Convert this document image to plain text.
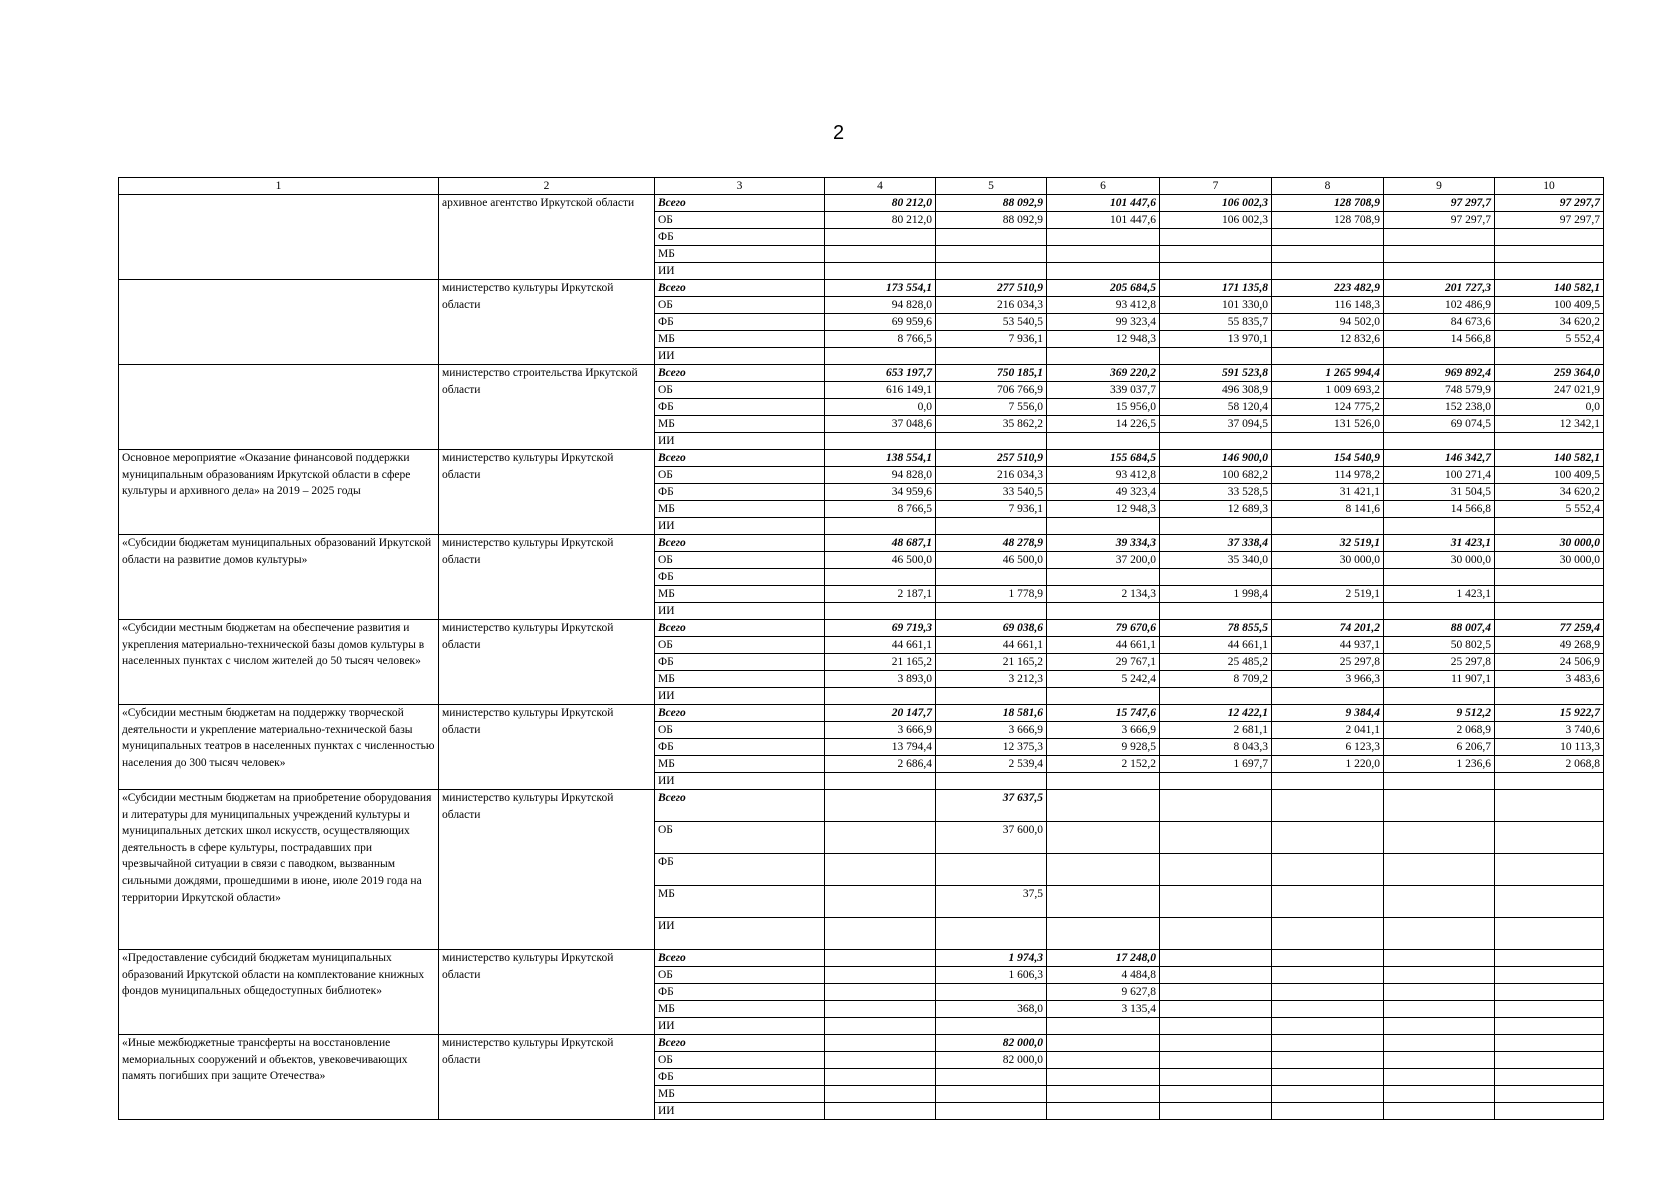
2
1	2	3	4	5	6	7	8	9	10
	архивное агентство Иркутской области	Всего	80 212,0	88 092,9	101 447,6	106 002,3	128 708,9	97 297,7	97 297,7
		ОБ	80 212,0	88 092,9	101 447,6	106 002,3	128 708,9	97 297,7	97 297,7
		ФБ							
		МБ							
		ИИ							
	министерство культуры Иркутской области	Всего	173 554,1	277 510,9	205 684,5	171 135,8	223 482,9	201 727,3	140 582,1
		ОБ	94 828,0	216 034,3	93 412,8	101 330,0	116 148,3	102 486,9	100 409,5
		ФБ	69 959,6	53 540,5	99 323,4	55 835,7	94 502,0	84 673,6	34 620,2
		МБ	8 766,5	7 936,1	12 948,3	13 970,1	12 832,6	14 566,8	5 552,4
		ИИ							
	министерство строительства Иркутской области	Всего	653 197,7	750 185,1	369 220,2	591 523,8	1 265 994,4	969 892,4	259 364,0
		ОБ	616 149,1	706 766,9	339 037,7	496 308,9	1 009 693,2	748 579,9	247 021,9
		ФБ	0,0	7 556,0	15 956,0	58 120,4	124 775,2	152 238,0	0,0
		МБ	37 048,6	35 862,2	14 226,5	37 094,5	131 526,0	69 074,5	12 342,1
		ИИ							
Основное мероприятие «Оказание финансовой поддержки муниципальным образованиям Иркутской области в сфере культуры и архивного дела» на 2019 – 2025 годы	министерство культуры Иркутской области	Всего	138 554,1	257 510,9	155 684,5	146 900,0	154 540,9	146 342,7	140 582,1
		ОБ	94 828,0	216 034,3	93 412,8	100 682,2	114 978,2	100 271,4	100 409,5
		ФБ	34 959,6	33 540,5	49 323,4	33 528,5	31 421,1	31 504,5	34 620,2
		МБ	8 766,5	7 936,1	12 948,3	12 689,3	8 141,6	14 566,8	5 552,4
		ИИ							
«Субсидии бюджетам муниципальных образований Иркутской области на развитие домов культуры»	министерство культуры Иркутской области	Всего	48 687,1	48 278,9	39 334,3	37 338,4	32 519,1	31 423,1	30 000,0
		ОБ	46 500,0	46 500,0	37 200,0	35 340,0	30 000,0	30 000,0	30 000,0
		ФБ							
		МБ	2 187,1	1 778,9	2 134,3	1 998,4	2 519,1	1 423,1	
		ИИ							
«Субсидии местным бюджетам на обеспечение развития и укрепления материально-технической базы домов культуры в населенных пунктах с числом жителей до 50 тысяч человек»	министерство культуры Иркутской области	Всего	69 719,3	69 038,6	79 670,6	78 855,5	74 201,2	88 007,4	77 259,4
		ОБ	44 661,1	44 661,1	44 661,1	44 661,1	44 937,1	50 802,5	49 268,9
		ФБ	21 165,2	21 165,2	29 767,1	25 485,2	25 297,8	25 297,8	24 506,9
		МБ	3 893,0	3 212,3	5 242,4	8 709,2	3 966,3	11 907,1	3 483,6
		ИИ							
«Субсидии местным бюджетам на поддержку творческой деятельности и укрепление материально-технической базы муниципальных театров в населенных пунктах с численностью населения до 300 тысяч человек»	министерство культуры Иркутской области	Всего	20 147,7	18 581,6	15 747,6	12 422,1	9 384,4	9 512,2	15 922,7
		ОБ	3 666,9	3 666,9	3 666,9	2 681,1	2 041,1	2 068,9	3 740,6
		ФБ	13 794,4	12 375,3	9 928,5	8 043,3	6 123,3	6 206,7	10 113,3
		МБ	2 686,4	2 539,4	2 152,2	1 697,7	1 220,0	1 236,6	2 068,8
		ИИ							
«Субсидии местным бюджетам на приобретение оборудования и литературы для муниципальных учреждений культуры и муниципальных детских школ искусств, осуществляющих деятельность в сфере культуры, пострадавших при чрезвычайной ситуации в связи с паводком, вызванным сильными дождями, прошедшими в июне, июле 2019 года на территории Иркутской области»	министерство культуры Иркутской области	Всего		37 637,5					
		ОБ		37 600,0					
		ФБ							
		МБ		37,5					
		ИИ							
«Предоставление субсидий бюджетам муниципальных образований Иркутской области на комплектование книжных фондов муниципальных общедоступных библиотек»	министерство культуры Иркутской области	Всего		1 974,3	17 248,0				
		ОБ		1 606,3	4 484,8				
		ФБ			9 627,8				
		МБ		368,0	3 135,4				
		ИИ							
«Иные межбюджетные трансферты на восстановление мемориальных сооружений и объектов, увековечивающих память погибших при защите Отечества»	министерство культуры Иркутской области	Всего		82 000,0					
		ОБ		82 000,0					
		ФБ							
		МБ							
		ИИ							
